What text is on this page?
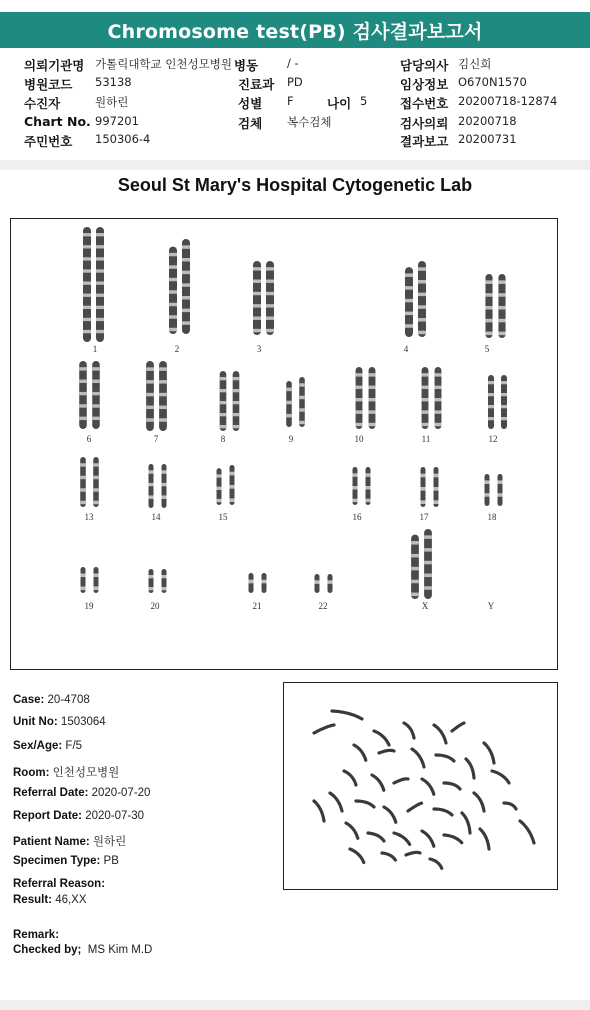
Chromosome test(PB) 검사결과보고서
의뢰기관명 가톨릭대학교 인천성모병원 병동	/ -	담당의사 김신희
병원코드 53138	진료과 PD	임상정보 O670N1570
수진자	원하린	성별 F	나이 5	접수번호 20200718-12874
Chart No. 997201	검체 복수검체	검사의뢰 20200718
주민번호 150306-4	결과보고 20200731
Seoul St Mary's Hospital Cytogenetic Lab
1	2	3	4	5
6	7	8	9	10	11	12
13	14	15	16	17	18
19	20	21	22	X	Y
Case: 20-4708
Unit No: 1503064
Sex/Age: F/5
Room: 인천성모병원
Referral Date: 2020-07-20
Report Date: 2020-07-30
Patient Name: 원하린
Specimen Type: PB
Referral Reason:
Result: 46,XX
Remark:
Checked by; MS Kim M.D
